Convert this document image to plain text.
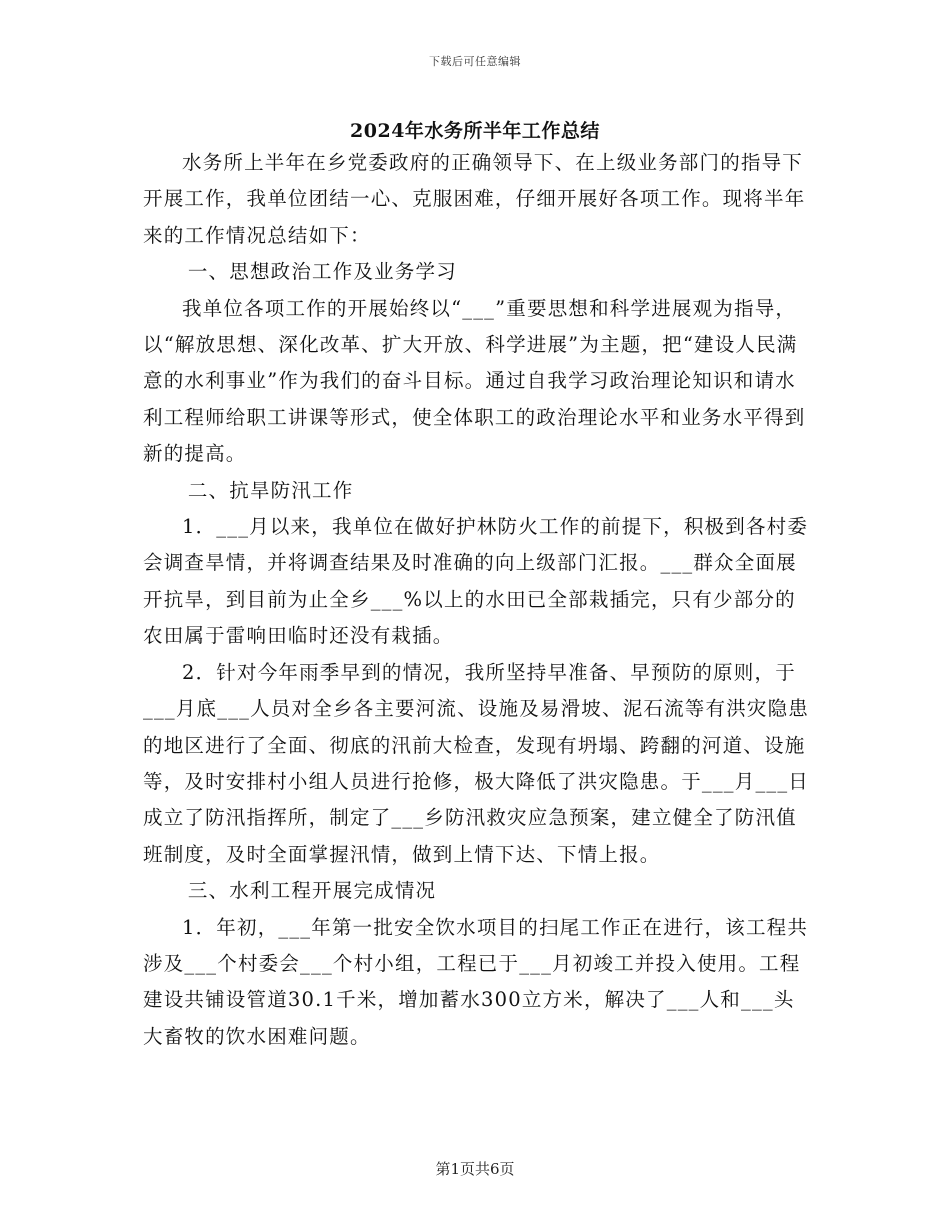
下载后可任意编辑
2024年水务所半年工作总结

水务所上半年在乡党委政府的正确领导下、在上级业务部门的指导下开展工作，我单位团结一心、克服困难，仔细开展好各项工作。现将半年来的工作情况总结如下：

一、思想政治工作及业务学习

我单位各项工作的开展始终以“___”重要思想和科学进展观为指导，以“解放思想、深化改革、扩大开放、科学进展”为主题，把“建设人民满意的水利事业”作为我们的奋斗目标。通过自我学习政治理论知识和请水利工程师给职工讲课等形式，使全体职工的政治理论水平和业务水平得到新的提高。

二、抗旱防汛工作

1．___月以来，我单位在做好护林防火工作的前提下，积极到各村委会调查旱情，并将调查结果及时准确的向上级部门汇报。___群众全面展开抗旱，到目前为止全乡___%以上的水田已全部栽插完，只有少部分的农田属于雷响田临时还没有栽插。

2．针对今年雨季早到的情况，我所坚持早准备、早预防的原则，于___月底___人员对全乡各主要河流、设施及易滑坡、泥石流等有洪灾隐患的地区进行了全面、彻底的汛前大检查，发现有坍塌、跨翻的河道、设施等，及时安排村小组人员进行抢修，极大降低了洪灾隐患。于___月___日成立了防汛指挥所，制定了___乡防汛救灾应急预案，建立健全了防汛值班制度，及时全面掌握汛情，做到上情下达、下情上报。

三、水利工程开展完成情况

1．年初，___年第一批安全饮水项目的扫尾工作正在进行，该工程共涉及___个村委会___个村小组，工程已于___月初竣工并投入使用。工程建设共铺设管道30.1千米，增加蓄水300立方米，解决了___人和___头大畜牧的饮水困难问题。

第1页共6页
